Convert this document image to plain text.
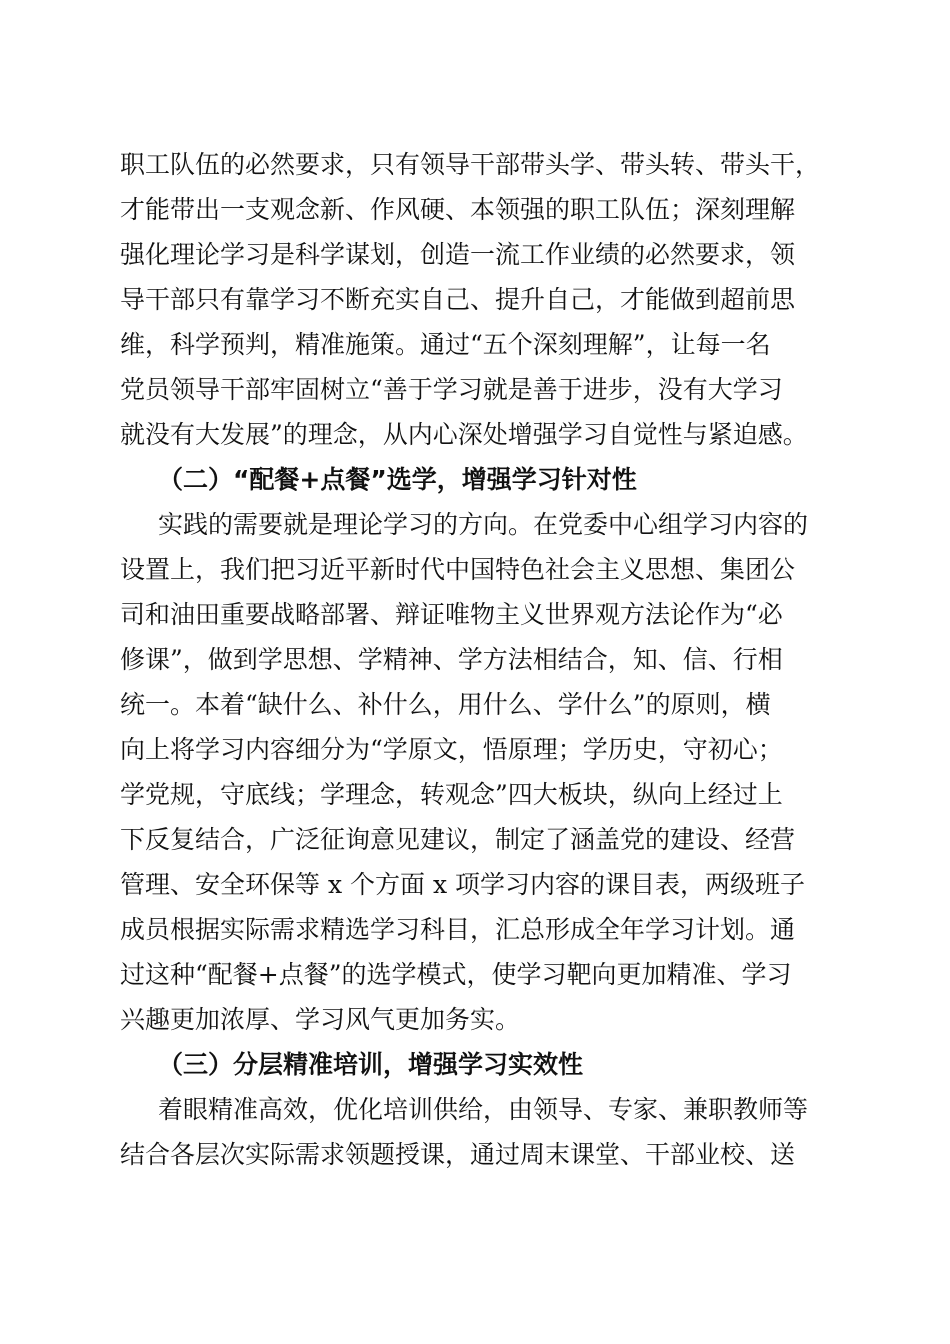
职工队伍的必然要求，只有领导干部带头学、带头转、带头干，
才能带出一支观念新、作风硬、本领强的职工队伍；深刻理解
强化理论学习是科学谋划，创造一流工作业绩的必然要求，领
导干部只有靠学习不断充实自己、提升自己，才能做到超前思
维，科学预判，精准施策。通过“五个深刻理解”，让每一名
党员领导干部牢固树立“善于学习就是善于进步，没有大学习
就没有大发展”的理念，从内心深处增强学习自觉性与紧迫感。
（二）“配餐+点餐”选学，增强学习针对性
实践的需要就是理论学习的方向。在党委中心组学习内容的
设置上，我们把习近平新时代中国特色社会主义思想、集团公
司和油田重要战略部署、辩证唯物主义世界观方法论作为“必
修课”，做到学思想、学精神、学方法相结合，知、信、行相
统一。本着“缺什么、补什么，用什么、学什么”的原则，横
向上将学习内容细分为“学原文，悟原理；学历史，守初心；
学党规，守底线；学理念，转观念”四大板块，纵向上经过上
下反复结合，广泛征询意见建议，制定了涵盖党的建设、经营
管理、安全环保等 x 个方面 x 项学习内容的课目表，两级班子
成员根据实际需求精选学习科目，汇总形成全年学习计划。通
过这种“配餐+点餐”的选学模式，使学习靶向更加精准、学习
兴趣更加浓厚、学习风气更加务实。
（三）分层精准培训，增强学习实效性
着眼精准高效，优化培训供给，由领导、专家、兼职教师等
结合各层次实际需求领题授课，通过周末课堂、干部业校、送
